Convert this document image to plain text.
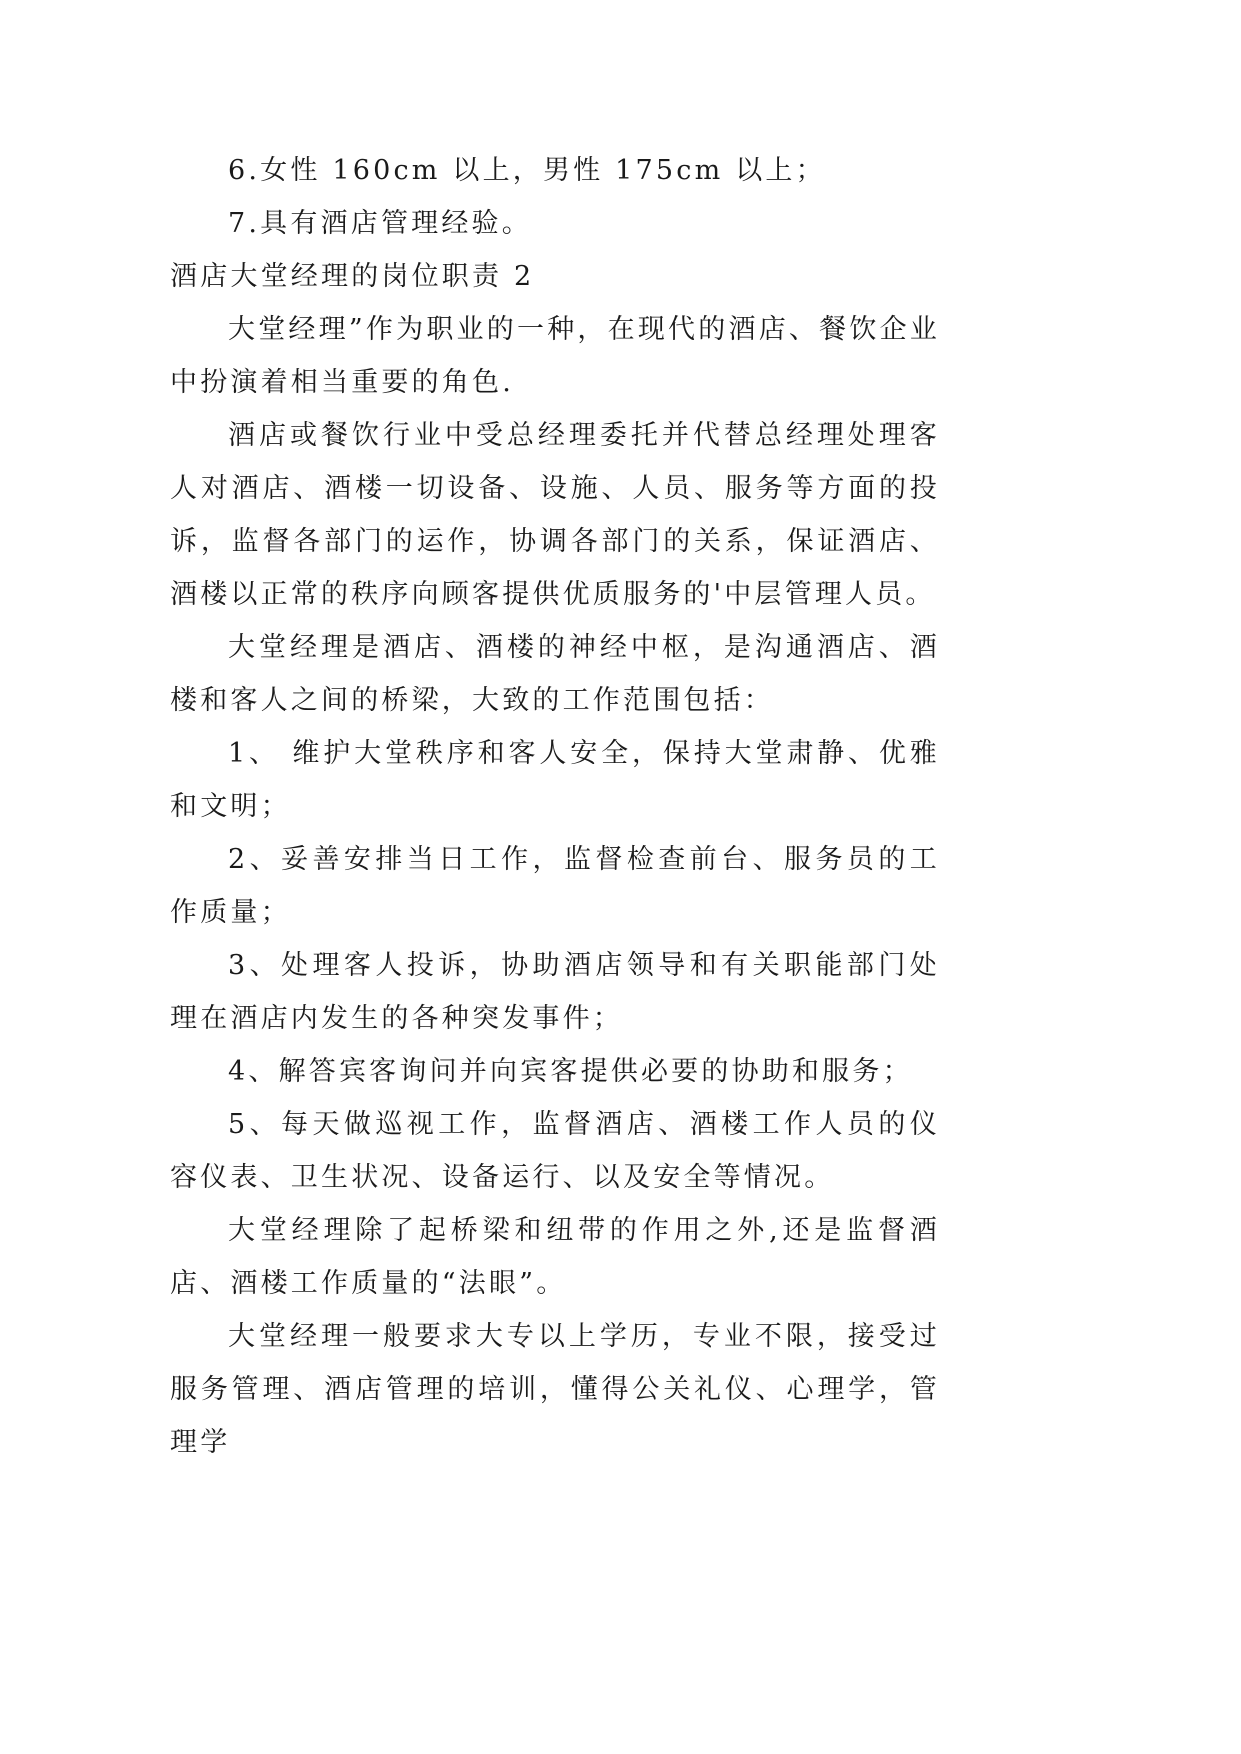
6.女性 160cm 以上，男性 175cm 以上；

7.具有酒店管理经验。

酒店大堂经理的岗位职责 2

大堂经理”作为职业的一种，在现代的酒店、餐饮企业中扮演着相当重要的角色.

酒店或餐饮行业中受总经理委托并代替总经理处理客人对酒店、酒楼一切设备、设施、人员、服务等方面的投诉，监督各部门的运作，协调各部门的关系，保证酒店、酒楼以正常的秩序向顾客提供优质服务的'中层管理人员。

大堂经理是酒店、酒楼的神经中枢，是沟通酒店、酒楼和客人之间的桥梁，大致的工作范围包括：

1、 维护大堂秩序和客人安全，保持大堂肃静、优雅和文明；

2、妥善安排当日工作，监督检查前台、服务员的工作质量；

3、处理客人投诉，协助酒店领导和有关职能部门处理在酒店内发生的各种突发事件；

4、解答宾客询问并向宾客提供必要的协助和服务；

5、每天做巡视工作，监督酒店、酒楼工作人员的仪容仪表、卫生状况、设备运行、以及安全等情况。

大堂经理除了起桥梁和纽带的作用之外,还是监督酒店、酒楼工作质量的“法眼”。

大堂经理一般要求大专以上学历，专业不限，接受过服务管理、酒店管理的培训，懂得公关礼仪、心理学，管理学
